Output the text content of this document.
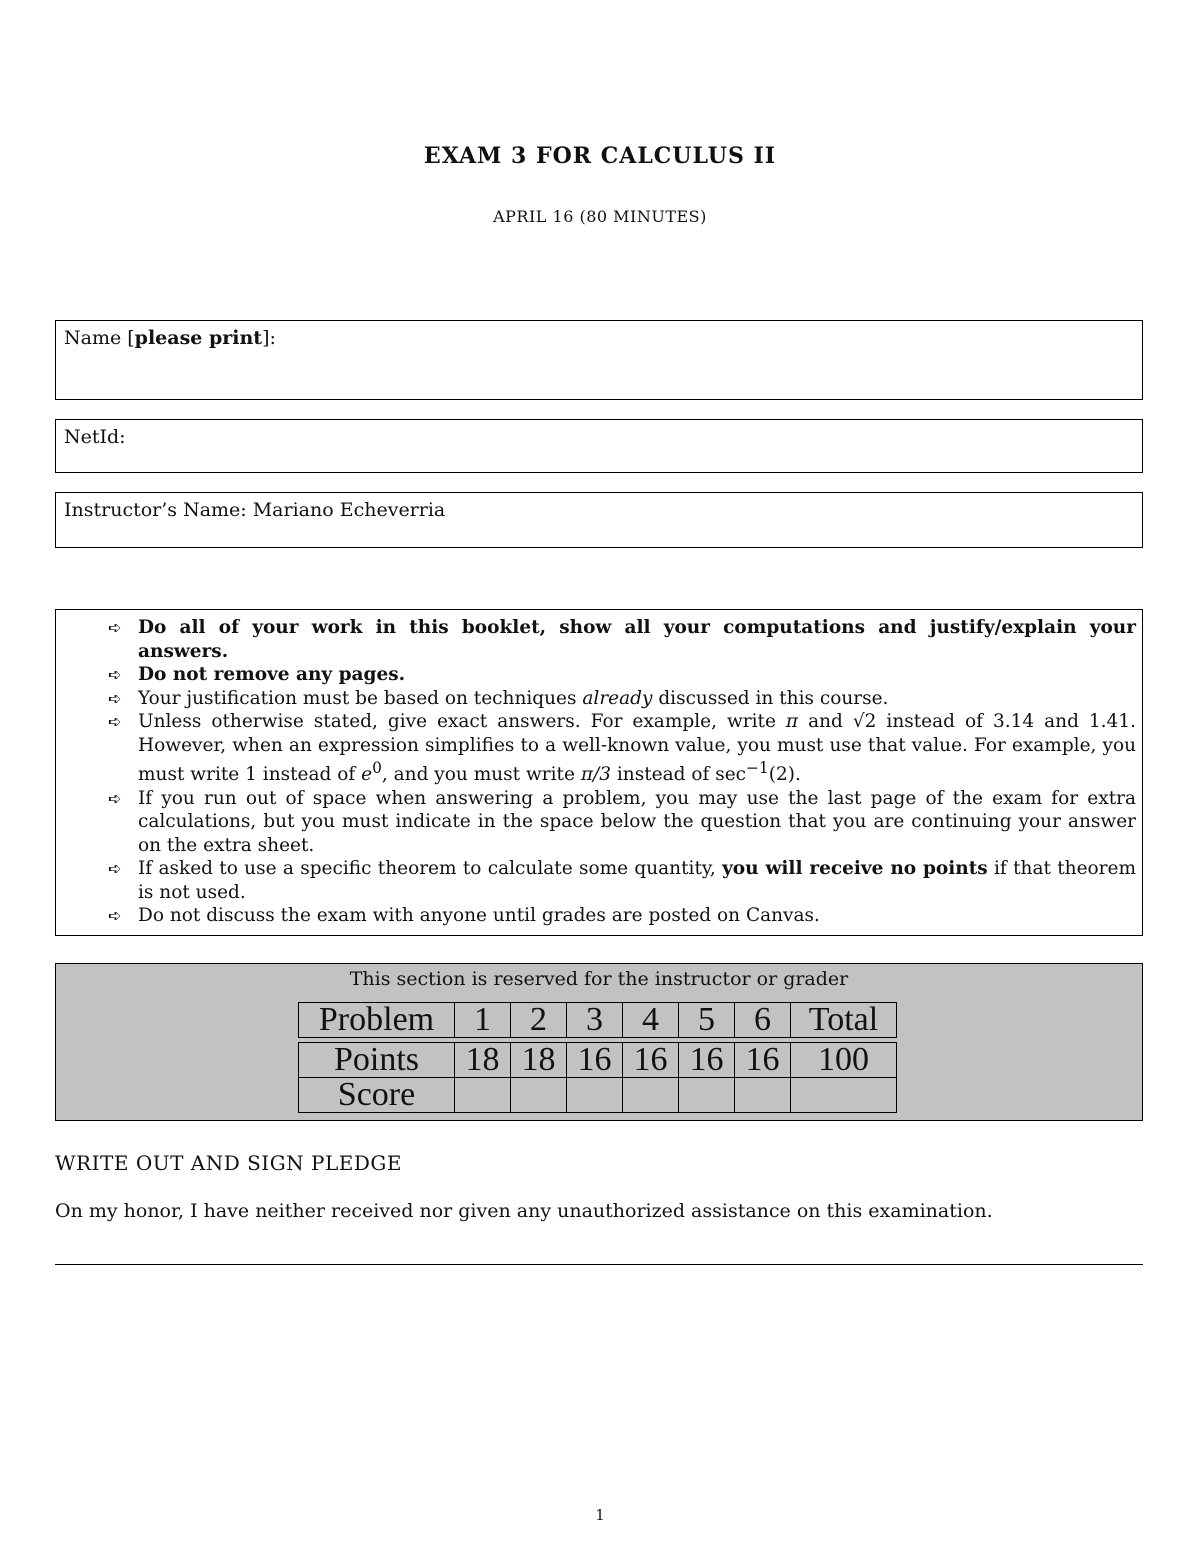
EXAM 3 FOR CALCULUS II
APRIL 16 (80 MINUTES)
Name [please print]:
NetId:
Instructor’s Name: Mariano Echeverria
➪ Do all of your work in this booklet, show all your computations and justify/explain your answers.
➪ Do not remove any pages.
➪ Your justification must be based on techniques already discussed in this course.
➪ Unless otherwise stated, give exact answers. For example, write π and √2 instead of 3.14 and 1.41. However, when an expression simplifies to a well-known value, you must use that value. For example, you must write 1 instead of $e^0$, and you must write π/3 instead of $\sec^{-1}(2)$.
➪ If you run out of space when answering a problem, you may use the last page of the exam for extra calculations, but you must indicate in the space below the question that you are continuing your answer on the extra sheet.
➪ If asked to use a specific theorem to calculate some quantity, you will receive no points if that theorem is not used.
➪ Do not discuss the exam with anyone until grades are posted on Canvas.
This section is reserved for the instructor or grader
Problem	1	2	3	4	5	6	Total

Points	18	18	16	16	16	16	100
Score							
WRITE OUT AND SIGN PLEDGE
On my honor, I have neither received nor given any unauthorized assistance on this examination.
1
